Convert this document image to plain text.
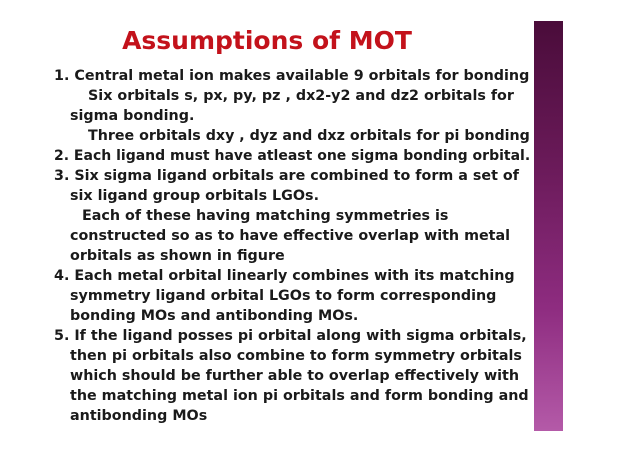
Assumptions of MOT
1. Central metal ion makes available 9 orbitals for bonding
Six orbitals s, px, py, pz , dx2-y2 and dz2 orbitals for
sigma bonding.
Three orbitals dxy , dyz and dxz orbitals for pi bonding
2. Each ligand must have atleast one sigma bonding orbital.
3. Six sigma ligand orbitals are combined to form a set of
six ligand group orbitals LGOs.
Each of these having matching symmetries is
constructed so as to have effective overlap with metal
orbitals as shown in figure
4. Each metal orbital linearly combines with its matching
symmetry ligand orbital LGOs to form corresponding
bonding MOs and antibonding MOs.
5. If the ligand posses pi orbital along with sigma orbitals,
then pi orbitals also combine to form symmetry orbitals
which should be further able to overlap effectively with
the matching metal ion pi orbitals and form bonding and
antibonding MOs
